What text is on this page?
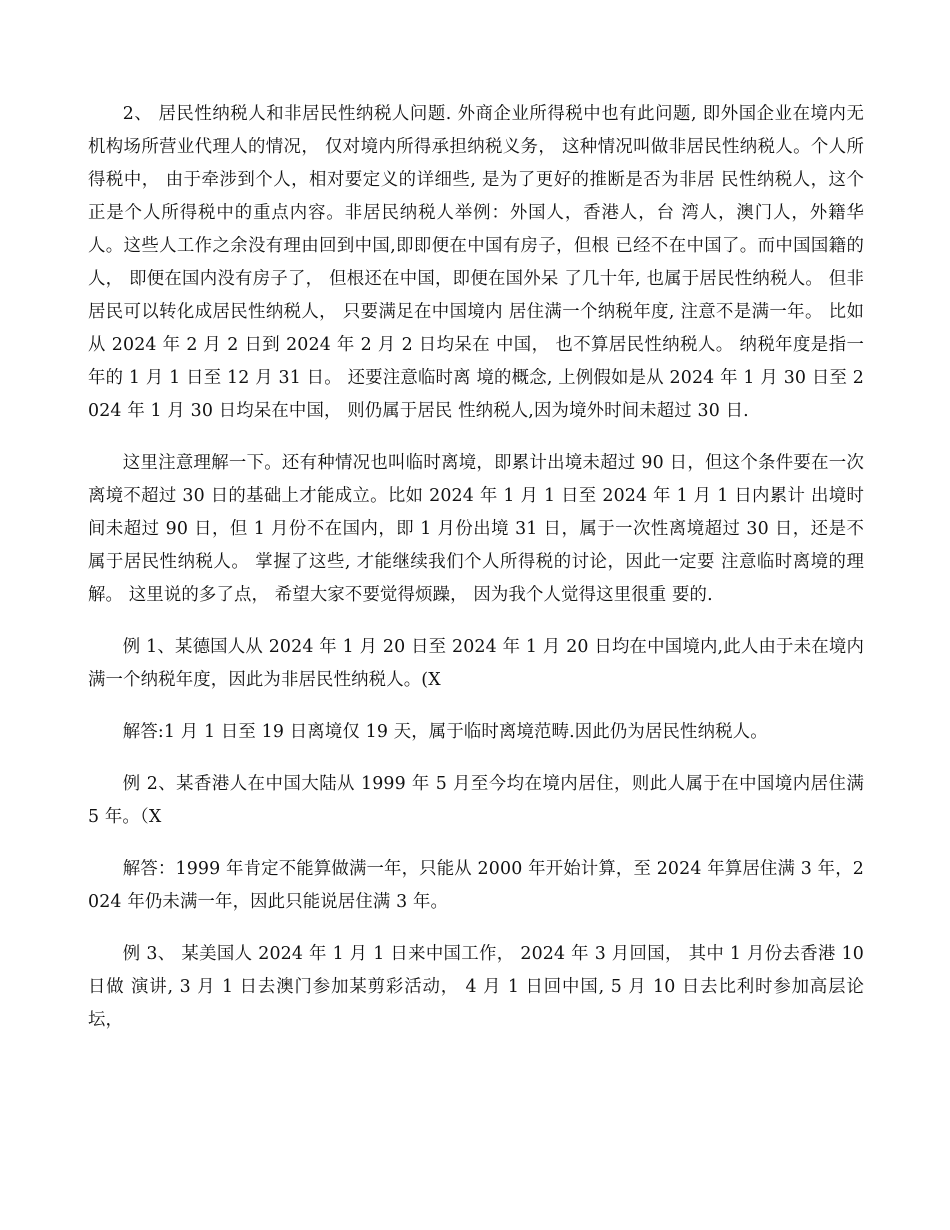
2、 居民性纳税人和非居民性纳税人问题. 外商企业所得税中也有此问题, 即外国企业在境内无机构场所营业代理人的情况， 仅对境内所得承担纳税义务， 这种情况叫做非居民性纳税人。个人所得税中， 由于牵涉到个人，相对要定义的详细些, 是为了更好的推断是否为非居 民性纳税人，这个正是个人所得税中的重点内容。非居民纳税人举例：外国人，香港人，台 湾人，澳门人，外籍华人。这些人工作之余没有理由回到中国,即即便在中国有房子，但根 已经不在中国了。而中国国籍的人， 即便在国内没有房子了， 但根还在中国，即便在国外呆 了几十年, 也属于居民性纳税人。 但非居民可以转化成居民性纳税人， 只要满足在中国境内 居住满一个纳税年度, 注意不是满一年。 比如从 2024 年 2 月 2 日到 2024 年 2 月 2 日均呆在 中国， 也不算居民性纳税人。 纳税年度是指一年的 1 月 1 日至 12 月 31 日。 还要注意临时离 境的概念, 上例假如是从 2024 年 1 月 30 日至 2024 年 1 月 30 日均呆在中国， 则仍属于居民 性纳税人,因为境外时间未超过 30 日.

这里注意理解一下。还有种情况也叫临时离境，即累计出境未超过 90 日，但这个条件要在一次离境不超过 30 日的基础上才能成立。比如 2024 年 1 月 1 日至 2024 年 1 月 1 日内累计 出境时间未超过 90 日，但 1 月份不在国内，即 1 月份出境 31 日，属于一次性离境超过 30 日，还是不属于居民性纳税人。 掌握了这些, 才能继续我们个人所得税的讨论，因此一定要 注意临时离境的理解。 这里说的多了点， 希望大家不要觉得烦躁， 因为我个人觉得这里很重 要的.

例 1、某德国人从 2024 年 1 月 20 日至 2024 年 1 月 20 日均在中国境内,此人由于未在境内满一个纳税年度，因此为非居民性纳税人。(X

解答:1 月 1 日至 19 日离境仅 19 天，属于临时离境范畴.因此仍为居民性纳税人。

例 2、某香港人在中国大陆从 1999 年 5 月至今均在境内居住，则此人属于在中国境内居住满 5 年。（X

解答：1999 年肯定不能算做满一年，只能从 2000 年开始计算，至 2024 年算居住满 3 年，2024 年仍未满一年，因此只能说居住满 3 年。

例 3、 某美国人 2024 年 1 月 1 日来中国工作， 2024 年 3 月回国， 其中 1 月份去香港 10 日做 演讲, 3 月 1 日去澳门参加某剪彩活动， 4 月 1 日回中国, 5 月 10 日去比利时参加高层论坛，
